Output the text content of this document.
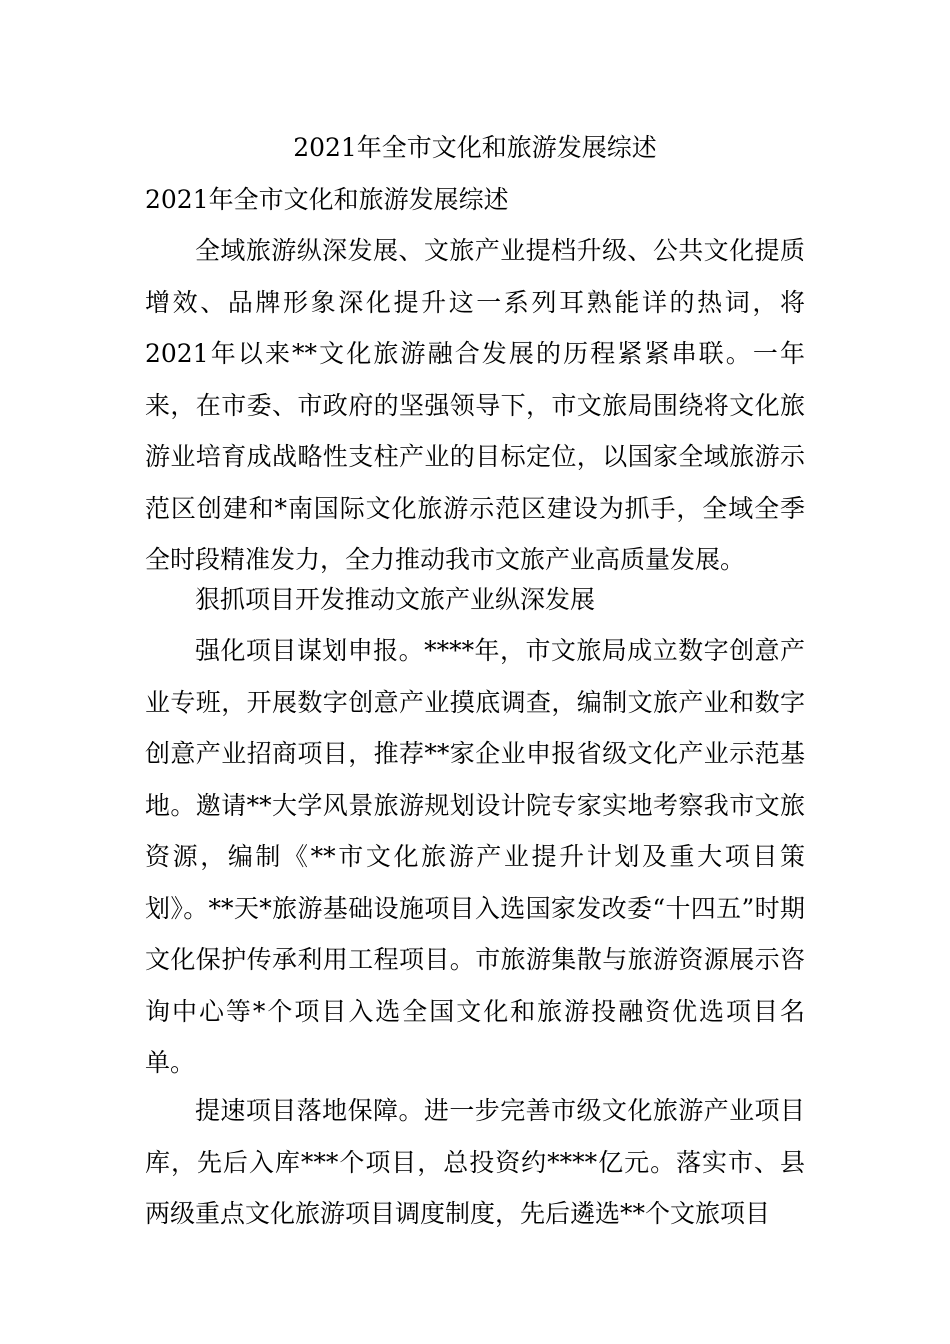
2021年全市文化和旅游发展综述
2021年全市文化和旅游发展综述

全域旅游纵深发展、文旅产业提档升级、公共文化提质增效、品牌形象深化提升这一系列耳熟能详的热词，将2021年以来**文化旅游融合发展的历程紧紧串联。一年来，在市委、市政府的坚强领导下，市文旅局围绕将文化旅游业培育成战略性支柱产业的目标定位，以国家全域旅游示范区创建和*南国际文化旅游示范区建设为抓手，全域全季全时段精准发力，全力推动我市文旅产业高质量发展。

狠抓项目开发推动文旅产业纵深发展

强化项目谋划申报。****年，市文旅局成立数字创意产业专班，开展数字创意产业摸底调查，编制文旅产业和数字创意产业招商项目，推荐**家企业申报省级文化产业示范基地。邀请**大学风景旅游规划设计院专家实地考察我市文旅资源，编制《**市文化旅游产业提升计划及重大项目策划》。**天*旅游基础设施项目入选国家发改委“十四五”时期文化保护传承利用工程项目。市旅游集散与旅游资源展示咨询中心等*个项目入选全国文化和旅游投融资优选项目名单。

提速项目落地保障。进一步完善市级文化旅游产业项目库，先后入库***个项目，总投资约****亿元。落实市、县两级重点文化旅游项目调度制度，先后遴选**个文旅项目
